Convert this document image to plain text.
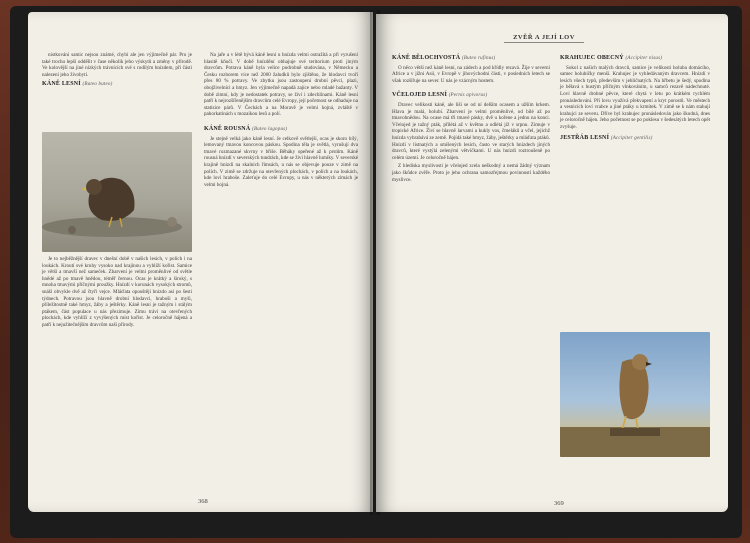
nistkování samic nejsou známé, chybí ale jen výjimečně pár. Pro je také trochu lepší oddělit v čase několik jeho výskytů a změny v přírodě. Ve kolovější na jiné nízkých trávnících své s rodilým hnízdem, při části nalezení jeho živobytí.

KÁNĚ LESNÍ (Buteo buteo)

Je to nejběžnější dravec v dnešní době v našich lesích, v polích i na loukách. Kroutí své kruhy vysoko nad krajinou a vyhlíží kořist. Samice je větší a tmavší než sameček. Zbarvení je velmi proměnlivé od světle hnědé až po tmavě hnědou, téměř černou. Ocas je krátký a široký, s mnoha tmavými příčnými proužky. Hnízdí v korunách vysokých stromů, snáší obvykle dvě až čtyři vejce. Mláďata opouštějí hnízdo asi po šesti týdnech. Potravou jsou hlavně drobní hlodavci, hraboši a myši, příležitostně také hmyz, žáby a ještěrky. Káně lesní je tažným i stálým ptákem, část populace u nás přezimuje. Zimu tráví na otevřených plochách, kde vyhlíží z vyvýšených míst kořist. Je celoročně hájená a patří k nejužitečnějším dravcům naší přírody.

Na jaře a v létě bývá káně lesní u hnízda velmi ostražitá a při vyrušení hlasitě kňučí. V době hnízdění obhajuje své teritorium proti jiným dravcům. Potrava káně byla velice podrobně studována, v Německu a Česku rozborem více než 2000 žaludků bylo zjištěno, že hlodavci tvoří přes 80 % potravy. Ve zbytku jsou zastoupeni drobní pěvci, plazi, obojživelníci a hmyz. Jen výjimečně napadá zajíce nebo mladé bažanty. V době zimní, kdy je nedostatek potravy, se živí i zdechlinami. Káně lesní patří k nejrozšířenějším dravcům celé Evropy, její početnost se odhaduje na statisíce párů. V Čechách a na Moravě je velmi hojná, zvláště v pahorkatinách s mozaikou lesů a polí.

KÁNĚ ROUSNÁ (Buteo lagopus)

Je stejně velká jako káně lesní. Je celkově světlejší, ocas je skoro bílý, lemovaný tmavou koncovou páskou. Spodina těla je světlá, vyrušují dva tmavé rozmazané skvrny v břiše. Běháky opeřené až k prstům. Káně rousná hnízdí v severských tundrách, kde se živí hlavně lumíky. V severské krajině hnízdí na skalních římsách, u nás se objevuje pouze v zimě na polích. V zimě se zdržuje na otevřených plochách, v polích a na loukách, kde loví hraboše. Zaleťuje do celé Evropy, u nás v některých zimách je velmi hojná.

368
ZVĚŘ A JEJÍ LOV
KÁNĚ BĚLOCHVOSTÁ (Buteo rufinus)

O něco větší než káně lesní, na zádech a pod křídly rezavá. Žije v severní Africe a v jižní Asii, v Evropě v jihovýchodní části, v posledních letech se však rozšiřuje na sever. U nás je vzácným hostem.

VČELOJED LESNÍ (Pernis apivorus)

Dravec velikosti káně, ale liší se od ní delším ocasem a užším krkem. Hlava je malá, holubí. Zbarvení je velmi proměnlivé, od bílé až po tmavohnědou. Na ocase má tři tmavé pásky, dvě u kořene a jednu na konci. Včelojed je tažný pták, přilétá až v květnu a odlétá již v srpnu. Zimuje v tropické Africe. Živí se hlavně larvami a kukly vos, čmeláků a včel, jejichž hnízda vyhrabává ze země. Pojídá také hmyz, žáby, ještěrky a mláďata ptáků. Hnízdí v listnatých a smíšených lesích, často ve starých hnízdech jiných dravců, které vystýlá zelenými větvičkami. U nás hnízdí roztroušeně po celém území. Je celoročně hájen.

Z hlediska myslivosti je včelojed zcela neškodný a nemá žádný význam jako škůdce zvěře. Proto je jeho ochrana samozřejmou povinností každého myslivce.

KRAHUJEC OBECNÝ (Accipiter nisus)

Sokol z našich malých dravců, samice je velikosti holuba domácího, samec holubičky menší. Krahujec je vyhledávaným dravcem. Hnízdí v lesích všech typů, především v jehličnatých. Na hřbetu je šedý, spodina je bělavá s hustým příčným vlnkováním, u samců rezavě nádechnuté. Loví hlavně drobné pěvce, které chytá v letu po krátkém rychlém pronásledování. Při lovu využívá překvapení a kryt porostů. Ve městech a vesnicích loví vrabce a jiné ptáky u krmítek. V zimě se k nám stahují krahujci ze severu. Dříve byl krahujec pronásledován jako škodná, dnes je celoročně hájen. Jeho početnost se po poklesu v šedesátých letech opět zvyšuje.

JESTŘÁB LESNÍ (Accipiter gentilis)
369
